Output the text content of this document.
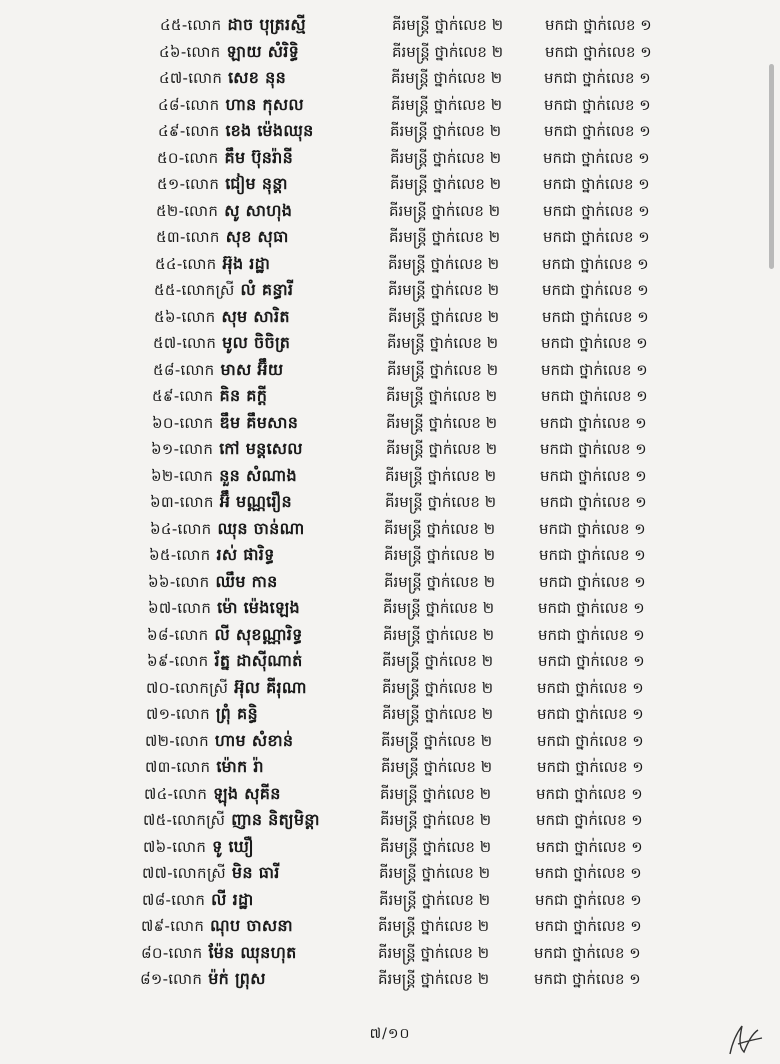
៤៥-លោក ដាច បុត្ររស្មី	គីរមន្ត្រី ថ្នាក់លេខ ២	មកជា ថ្នាក់លេខ ១
៤៦-លោក ឡាយ សំរិទ្ធិ	គីរមន្ត្រី ថ្នាក់លេខ ២	មកជា ថ្នាក់លេខ ១
៤៧-លោក សេខ នុន	គីរមន្ត្រី ថ្នាក់លេខ ២	មកជា ថ្នាក់លេខ ១
៤៨-លោក ហាន កុសល	គីរមន្ត្រី ថ្នាក់លេខ ២	មកជា ថ្នាក់លេខ ១
៤៩-លោក ខេង ម៉េងឈុន	គីរមន្ត្រី ថ្នាក់លេខ ២	មកជា ថ្នាក់លេខ ១
៥០-លោក គឹម ប៊ុនរ៉ានី	គីរមន្ត្រី ថ្នាក់លេខ ២	មកជា ថ្នាក់លេខ ១
៥១-លោក ជៀម នុន្តា	គីរមន្ត្រី ថ្នាក់លេខ ២	មកជា ថ្នាក់លេខ ១
៥២-លោក សូ សាហុង	គីរមន្ត្រី ថ្នាក់លេខ ២	មកជា ថ្នាក់លេខ ១
៥៣-លោក សុខ សុធា	គីរមន្ត្រី ថ្នាក់លេខ ២	មកជា ថ្នាក់លេខ ១
៥៤-លោក អ៊ុង រដ្ឋា	គីរមន្ត្រី ថ្នាក់លេខ ២	មកជា ថ្នាក់លេខ ១
៥៥-លោកស្រី លំ គន្ធារី	គីរមន្ត្រី ថ្នាក់លេខ ២	មកជា ថ្នាក់លេខ ១
៥៦-លោក សុម សារិត	គីរមន្ត្រី ថ្នាក់លេខ ២	មកជា ថ្នាក់លេខ ១
៥៧-លោក មូល ចិចិត្រ	គីរមន្ត្រី ថ្នាក់លេខ ២	មកជា ថ្នាក់លេខ ១
៥៨-លោក មាស អ៊ឹយ	គីរមន្ត្រី ថ្នាក់លេខ ២	មកជា ថ្នាក់លេខ ១
៥៩-លោក គិន គក្តី	គីរមន្ត្រី ថ្នាក់លេខ ២	មកជា ថ្នាក់លេខ ១
៦០-លោក ឌឹម គឹមសាន	គីរមន្ត្រី ថ្នាក់លេខ ២	មកជា ថ្នាក់លេខ ១
៦១-លោក កៅ មន្តសេល	គីរមន្ត្រី ថ្នាក់លេខ ២	មកជា ថ្នាក់លេខ ១
៦២-លោក នួន សំណាង	គីរមន្ត្រី ថ្នាក់លេខ ២	មកជា ថ្នាក់លេខ ១
៦៣-លោក អ៊ឹ មណ្ណរឿន	គីរមន្ត្រី ថ្នាក់លេខ ២	មកជា ថ្នាក់លេខ ១
៦៤-លោក ឈុន ចាន់ណា	គីរមន្ត្រី ថ្នាក់លេខ ២	មកជា ថ្នាក់លេខ ១
៦៥-លោក រស់ ផារិទ្ធ	គីរមន្ត្រី ថ្នាក់លេខ ២	មកជា ថ្នាក់លេខ ១
៦៦-លោក ឈឹម កាន	គីរមន្ត្រី ថ្នាក់លេខ ២	មកជា ថ្នាក់លេខ ១
៦៧-លោក ម៉ោ ម៉េងឡេង	គីរមន្ត្រី ថ្នាក់លេខ ២	មកជា ថ្នាក់លេខ ១
៦៨-លោក លី សុខណ្ណារិទ្ធ	គីរមន្ត្រី ថ្នាក់លេខ ២	មកជា ថ្នាក់លេខ ១
៦៩-លោក រ័ត្ន ដាស៊ីណាត់	គីរមន្ត្រី ថ្នាក់លេខ ២	មកជា ថ្នាក់លេខ ១
៧០-លោកស្រី អ៊ុល គីរុណា	គីរមន្ត្រី ថ្នាក់លេខ ២	មកជា ថ្នាក់លេខ ១
៧១-លោក ព្រុំ គន្ធិ	គីរមន្ត្រី ថ្នាក់លេខ ២	មកជា ថ្នាក់លេខ ១
៧២-លោក ហាម សំខាន់	គីរមន្ត្រី ថ្នាក់លេខ ២	មកជា ថ្នាក់លេខ ១
៧៣-លោក ម៉ោក រ៉ា	គីរមន្ត្រី ថ្នាក់លេខ ២	មកជា ថ្នាក់លេខ ១
៧៤-លោក ឡុង សុគីន	គីរមន្ត្រី ថ្នាក់លេខ ២	មកជា ថ្នាក់លេខ ១
៧៥-លោកស្រី ញាន និត្យមិន្តា	គីរមន្ត្រី ថ្នាក់លេខ ២	មកជា ថ្នាក់លេខ ១
៧៦-លោក ទូ ឃឿ	គីរមន្ត្រី ថ្នាក់លេខ ២	មកជា ថ្នាក់លេខ ១
៧៧-លោកស្រី មិន ធារី	គីរមន្ត្រី ថ្នាក់លេខ ២	មកជា ថ្នាក់លេខ ១
៧៨-លោក លី រដ្ឋា	គីរមន្ត្រី ថ្នាក់លេខ ២	មកជា ថ្នាក់លេខ ១
៧៩-លោក ណុប ចាសនា	គីរមន្ត្រី ថ្នាក់លេខ ២	មកជា ថ្នាក់លេខ ១
៨០-លោក ម៉ែន ឈុនហុត	គីរមន្ត្រី ថ្នាក់លេខ ២	មកជា ថ្នាក់លេខ ១
៨១-លោក ម៉ក់ ព្រុស	គីរមន្ត្រី ថ្នាក់លេខ ២	មកជា ថ្នាក់លេខ ១
៧/១០
